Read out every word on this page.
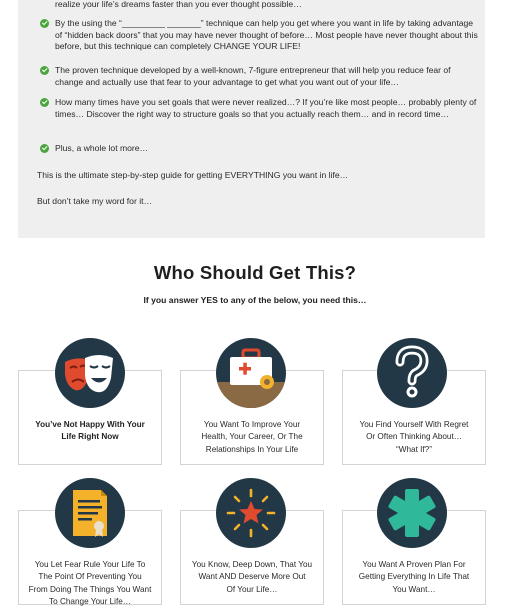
realize your life’s dreams faster than you ever thought possible…
By the using the “_________ _______” technique can help you get where you want in life by taking advantage of “hidden back doors” that you may have never thought of before… Most people have never thought about this before, but this technique can completely CHANGE YOUR LIFE!
The proven technique developed by a well-known, 7-figure entrepreneur that will help you reduce fear of change and actually use that fear to your advantage to get what you want out of your life…
How many times have you set goals that were never realized…? If you’re like most people… probably plenty of times… Discover the right way to structure goals so that you actually reach them… and in record time…
Plus, a whole lot more…
This is the ultimate step-by-step guide for getting EVERYTHING you want in life…
But don’t take my word for it…
Who Should Get This?
If you answer YES to any of the below, you need this…
You’ve Not Happy With Your
Life Right Now
You Want To Improve Your
Health, Your Career, Or The
Relationships In Your Life
You Find Yourself With Regret
Or Often Thinking About…
“What If?”
You Let Fear Rule Your Life To
The Point Of Preventing You
From Doing The Things You Want
To Change Your Life…
You Know, Deep Down, That You
Want AND Deserve More Out
Of Your Life…
You Want A Proven Plan For
Getting Everything In Life That
You Want…
